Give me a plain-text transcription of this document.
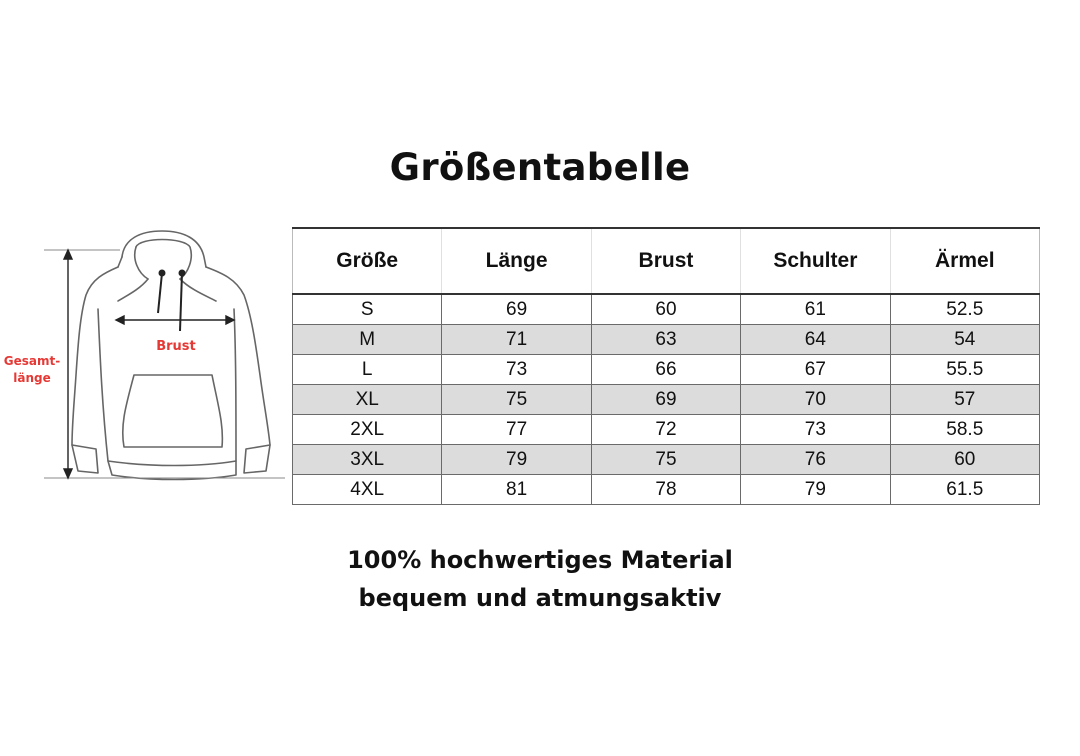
Größentabelle
Brust
Gesamt-
länge
Größe	Länge	Brust	Schulter	Ärmel
S	69	60	61	52.5
M	71	63	64	54
L	73	66	67	55.5
XL	75	69	70	57
2XL	77	72	73	58.5
3XL	79	75	76	60
4XL	81	78	79	61.5
100% hochwertiges Material
bequem und atmungsaktiv
